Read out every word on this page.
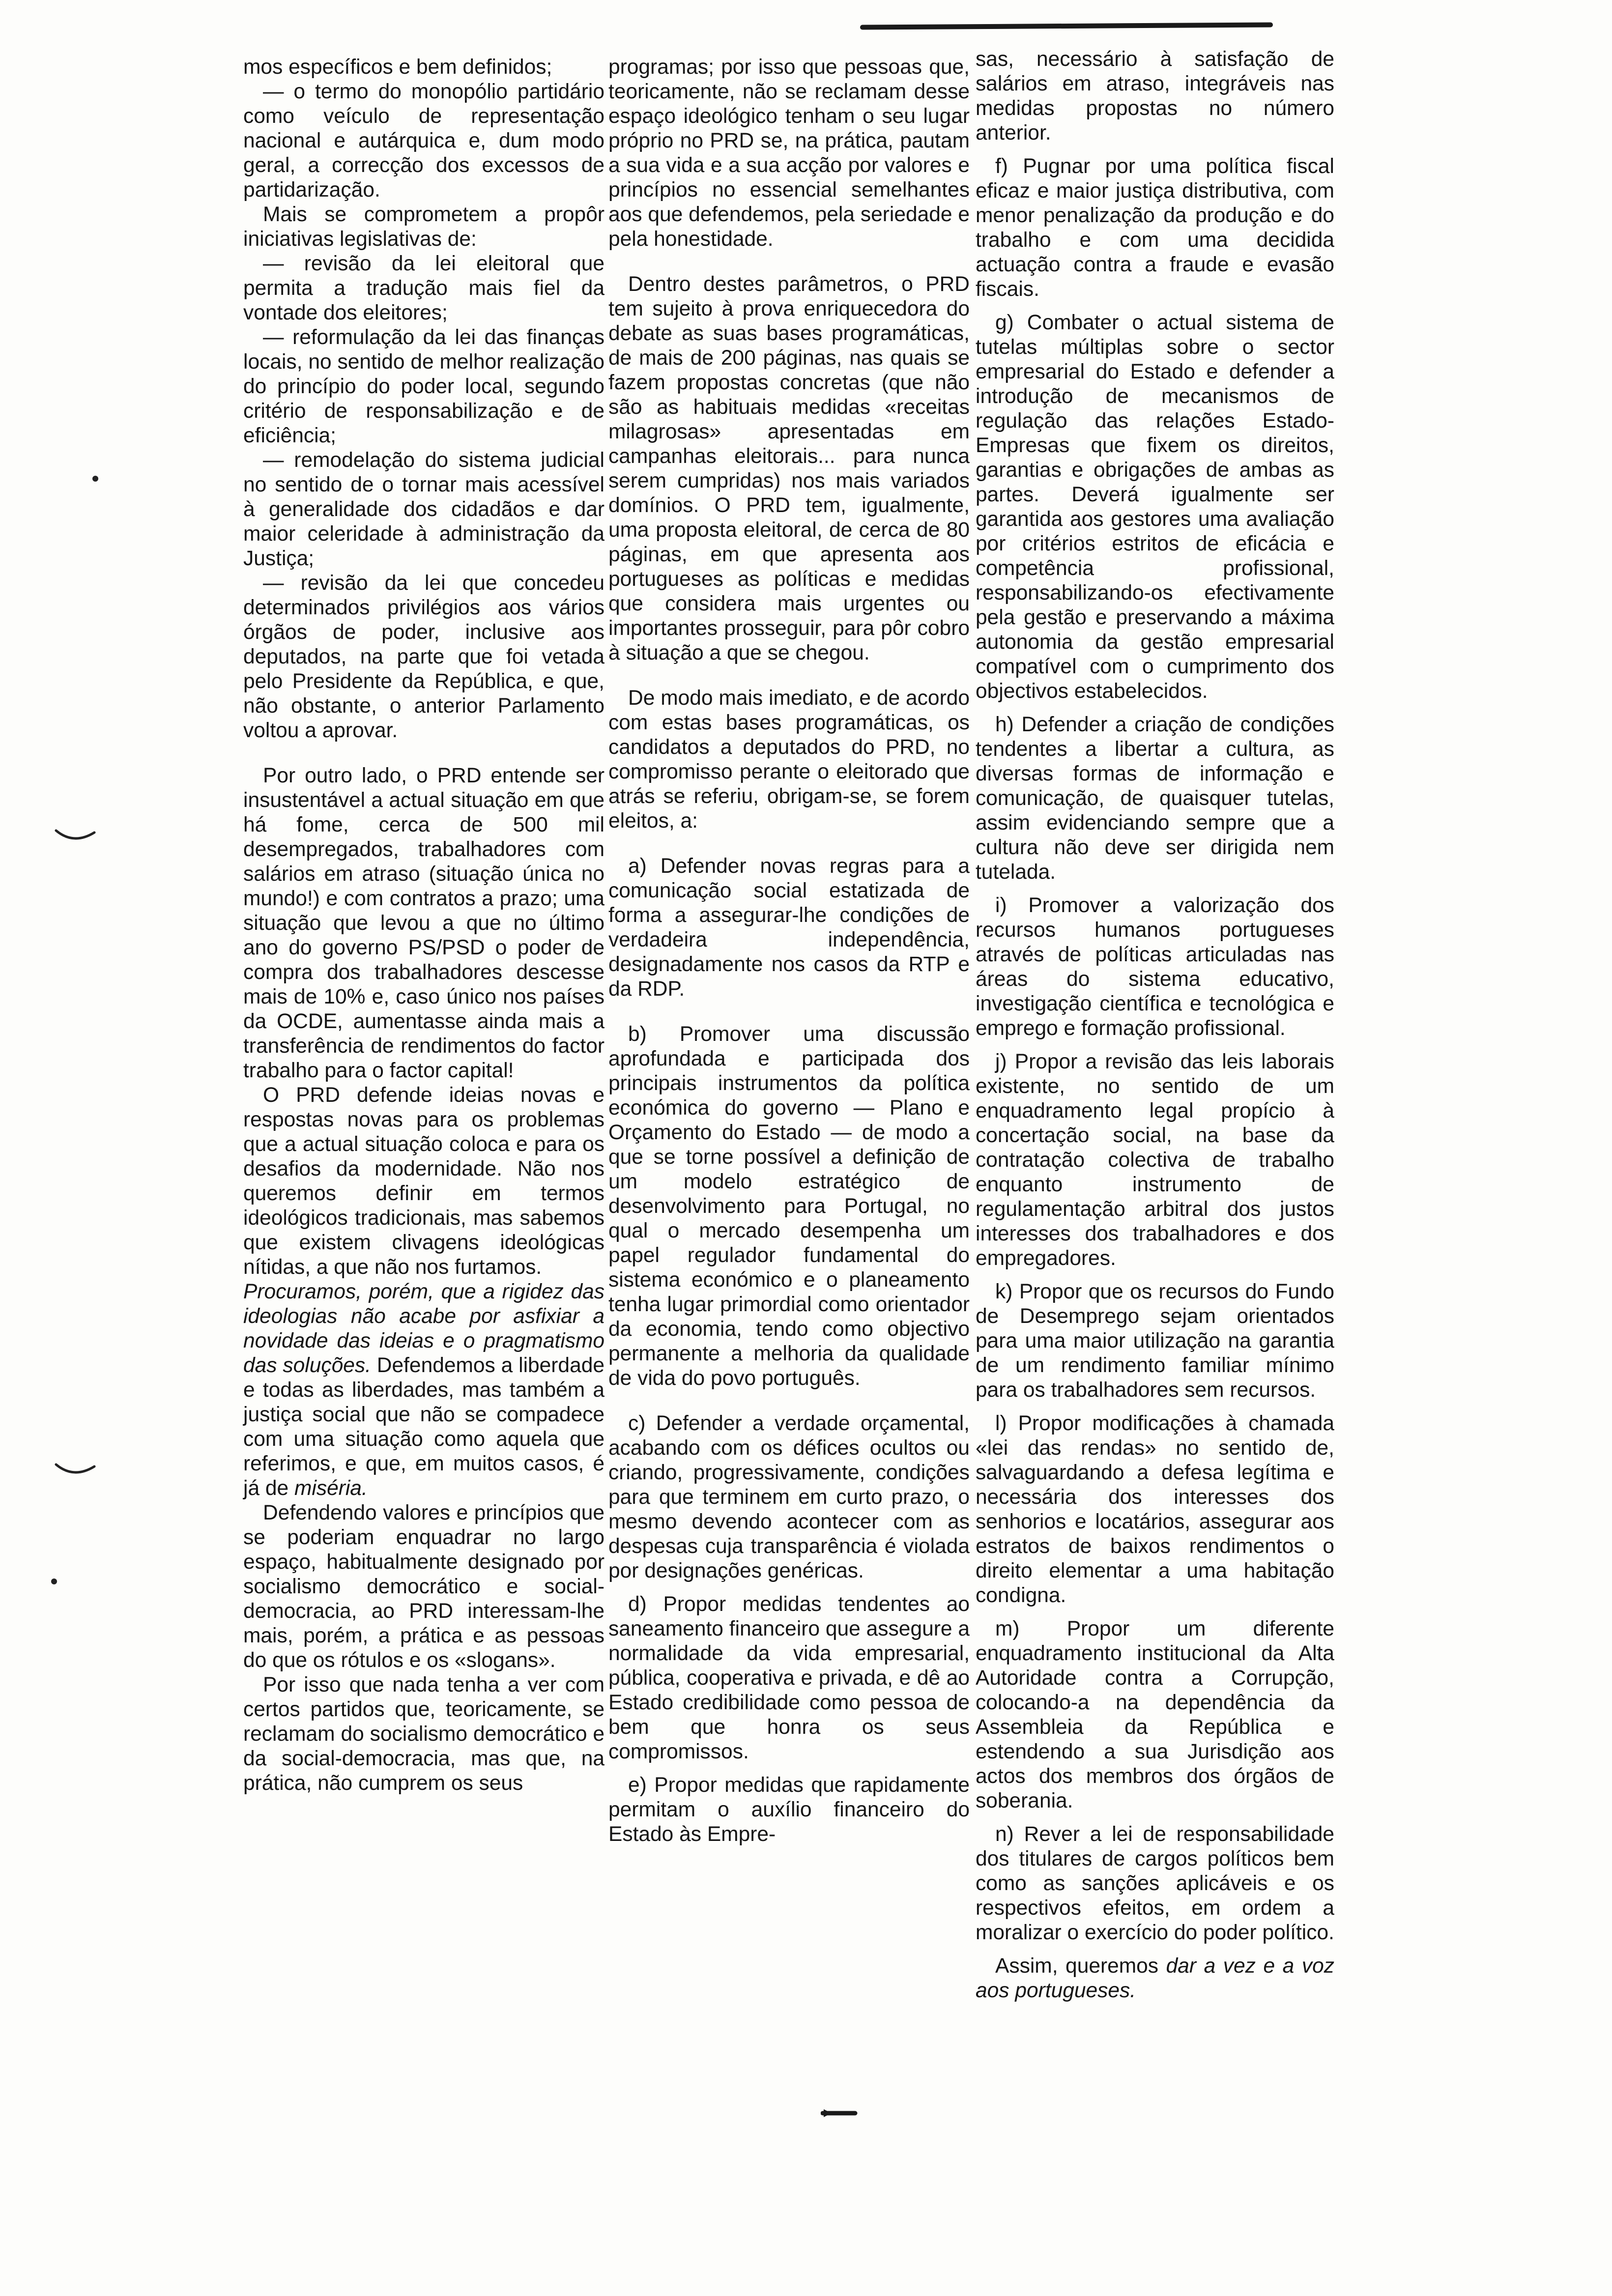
mos específicos e bem definidos;

— o termo do monopólio partidário como veículo de representação nacional e autárquica e, dum modo geral, a correcção dos excessos de partidarização.

Mais se comprometem a propôr iniciativas legislativas de:

— revisão da lei eleitoral que permita a tradução mais fiel da vontade dos eleitores;

— reformulação da lei das finanças locais, no sentido de melhor realização do princípio do poder local, segundo critério de responsabilização e de eficiência;

— remodelação do sistema judicial no sentido de o tornar mais acessível à generalidade dos cidadãos e dar maior celeridade à administração da Justiça;

— revisão da lei que concedeu determinados privilégios aos vários órgãos de poder, inclusive aos deputados, na parte que foi vetada pelo Presidente da República, e que, não obstante, o anterior Parlamento voltou a aprovar.

Por outro lado, o PRD entende ser insustentável a actual situação em que há fome, cerca de 500 mil desempregados, trabalhadores com salários em atraso (situação única no mundo!) e com contratos a prazo; uma situação que levou a que no último ano do governo PS/PSD o poder de compra dos trabalhadores descesse mais de 10% e, caso único nos países da OCDE, aumentasse ainda mais a transferência de rendimentos do factor trabalho para o factor capital!

O PRD defende ideias novas e respostas novas para os problemas que a actual situação coloca e para os desafios da modernidade. Não nos queremos definir em termos ideológicos tradicionais, mas sabemos que existem clivagens ideológicas nítidas, a que não nos furtamos.

Procuramos, porém, que a rigidez das ideologias não acabe por asfixiar a novidade das ideias e o pragmatismo das soluções. Defendemos a liberdade e todas as liberdades, mas também a justiça social que não se compadece com uma situação como aquela que referimos, e que, em muitos casos, é já de miséria.

Defendendo valores e princípios que se poderiam enquadrar no largo espaço, habitualmente designado por socialismo democrático e social-democracia, ao PRD interessam-lhe mais, porém, a prática e as pessoas do que os rótulos e os «slogans».

Por isso que nada tenha a ver com certos partidos que, teoricamente, se reclamam do socialismo democrático e da social-democracia, mas que, na prática, não cumprem os seus

programas; por isso que pessoas que, teoricamente, não se reclamam desse espaço ideológico tenham o seu lugar próprio no PRD se, na prática, pautam a sua vida e a sua acção por valores e princípios no essencial semelhantes aos que defendemos, pela seriedade e pela honestidade.

Dentro destes parâmetros, o PRD tem sujeito à prova enriquecedora do debate as suas bases programáticas, de mais de 200 páginas, nas quais se fazem propostas concretas (que não são as habituais medidas «receitas milagrosas» apresentadas em campanhas eleitorais... para nunca serem cumpridas) nos mais variados domínios. O PRD tem, igualmente, uma proposta eleitoral, de cerca de 80 páginas, em que apresenta aos portugueses as políticas e medidas que considera mais urgentes ou importantes prosseguir, para pôr cobro à situação a que se chegou.

De modo mais imediato, e de acordo com estas bases programáticas, os candidatos a deputados do PRD, no compromisso perante o eleitorado que atrás se referiu, obrigam-se, se forem eleitos, a:

a) Defender novas regras para a comunicação social estatizada de forma a assegurar-lhe condições de verdadeira independência, designadamente nos casos da RTP e da RDP.

b) Promover uma discussão aprofundada e participada dos principais instrumentos da política económica do governo — Plano e Orçamento do Estado — de modo a que se torne possível a definição de um modelo estratégico de desenvolvimento para Portugal, no qual o mercado desempenha um papel regulador fundamental do sistema económico e o planeamento tenha lugar primordial como orientador da economia, tendo como objectivo permanente a melhoria da qualidade de vida do povo português.

c) Defender a verdade orçamental, acabando com os défices ocultos ou criando, progressivamente, condições para que terminem em curto prazo, o mesmo devendo acontecer com as despesas cuja transparência é violada por designações genéricas.

d) Propor medidas tendentes ao saneamento financeiro que assegure a normalidade da vida empresarial, pública, cooperativa e privada, e dê ao Estado credibilidade como pessoa de bem que honra os seus compromissos.

e) Propor medidas que rapidamente permitam o auxílio financeiro do Estado às Empre-

sas, necessário à satisfação de salários em atraso, integráveis nas medidas propostas no número anterior.

f) Pugnar por uma política fiscal eficaz e maior justiça distributiva, com menor penalização da produção e do trabalho e com uma decidida actuação contra a fraude e evasão fiscais.

g) Combater o actual sistema de tutelas múltiplas sobre o sector empresarial do Estado e defender a introdução de mecanismos de regulação das relações Estado-Empresas que fixem os direitos, garantias e obrigações de ambas as partes. Deverá igualmente ser garantida aos gestores uma avaliação por critérios estritos de eficácia e competência profissional, responsabilizando-os efectivamente pela gestão e preservando a máxima autonomia da gestão empresarial compatível com o cumprimento dos objectivos estabelecidos.

h) Defender a criação de condições tendentes a libertar a cultura, as diversas formas de informação e comunicação, de quaisquer tutelas, assim evidenciando sempre que a cultura não deve ser dirigida nem tutelada.

i) Promover a valorização dos recursos humanos portugueses através de políticas articuladas nas áreas do sistema educativo, investigação científica e tecnológica e emprego e formação profissional.

j) Propor a revisão das leis laborais existente, no sentido de um enquadramento legal propício à concertação social, na base da contratação colectiva de trabalho enquanto instrumento de regulamentação arbitral dos justos interesses dos trabalhadores e dos empregadores.

k) Propor que os recursos do Fundo de Desemprego sejam orientados para uma maior utilização na garantia de um rendimento familiar mínimo para os trabalhadores sem recursos.

l) Propor modificações à chamada «lei das rendas» no sentido de, salvaguardando a defesa legítima e necessária dos interesses dos senhorios e locatários, assegurar aos estratos de baixos rendimentos o direito elementar a uma habitação condigna.

m) Propor um diferente enquadramento institucional da Alta Autoridade contra a Corrupção, colocando-a na dependência da Assembleia da República e estendendo a sua Jurisdição aos actos dos membros dos órgãos de soberania.

n) Rever a lei de responsabilidade dos titulares de cargos políticos bem como as sanções aplicáveis e os respectivos efeitos, em ordem a moralizar o exercício do poder político.

Assim, queremos dar a vez e a voz aos portugueses.
